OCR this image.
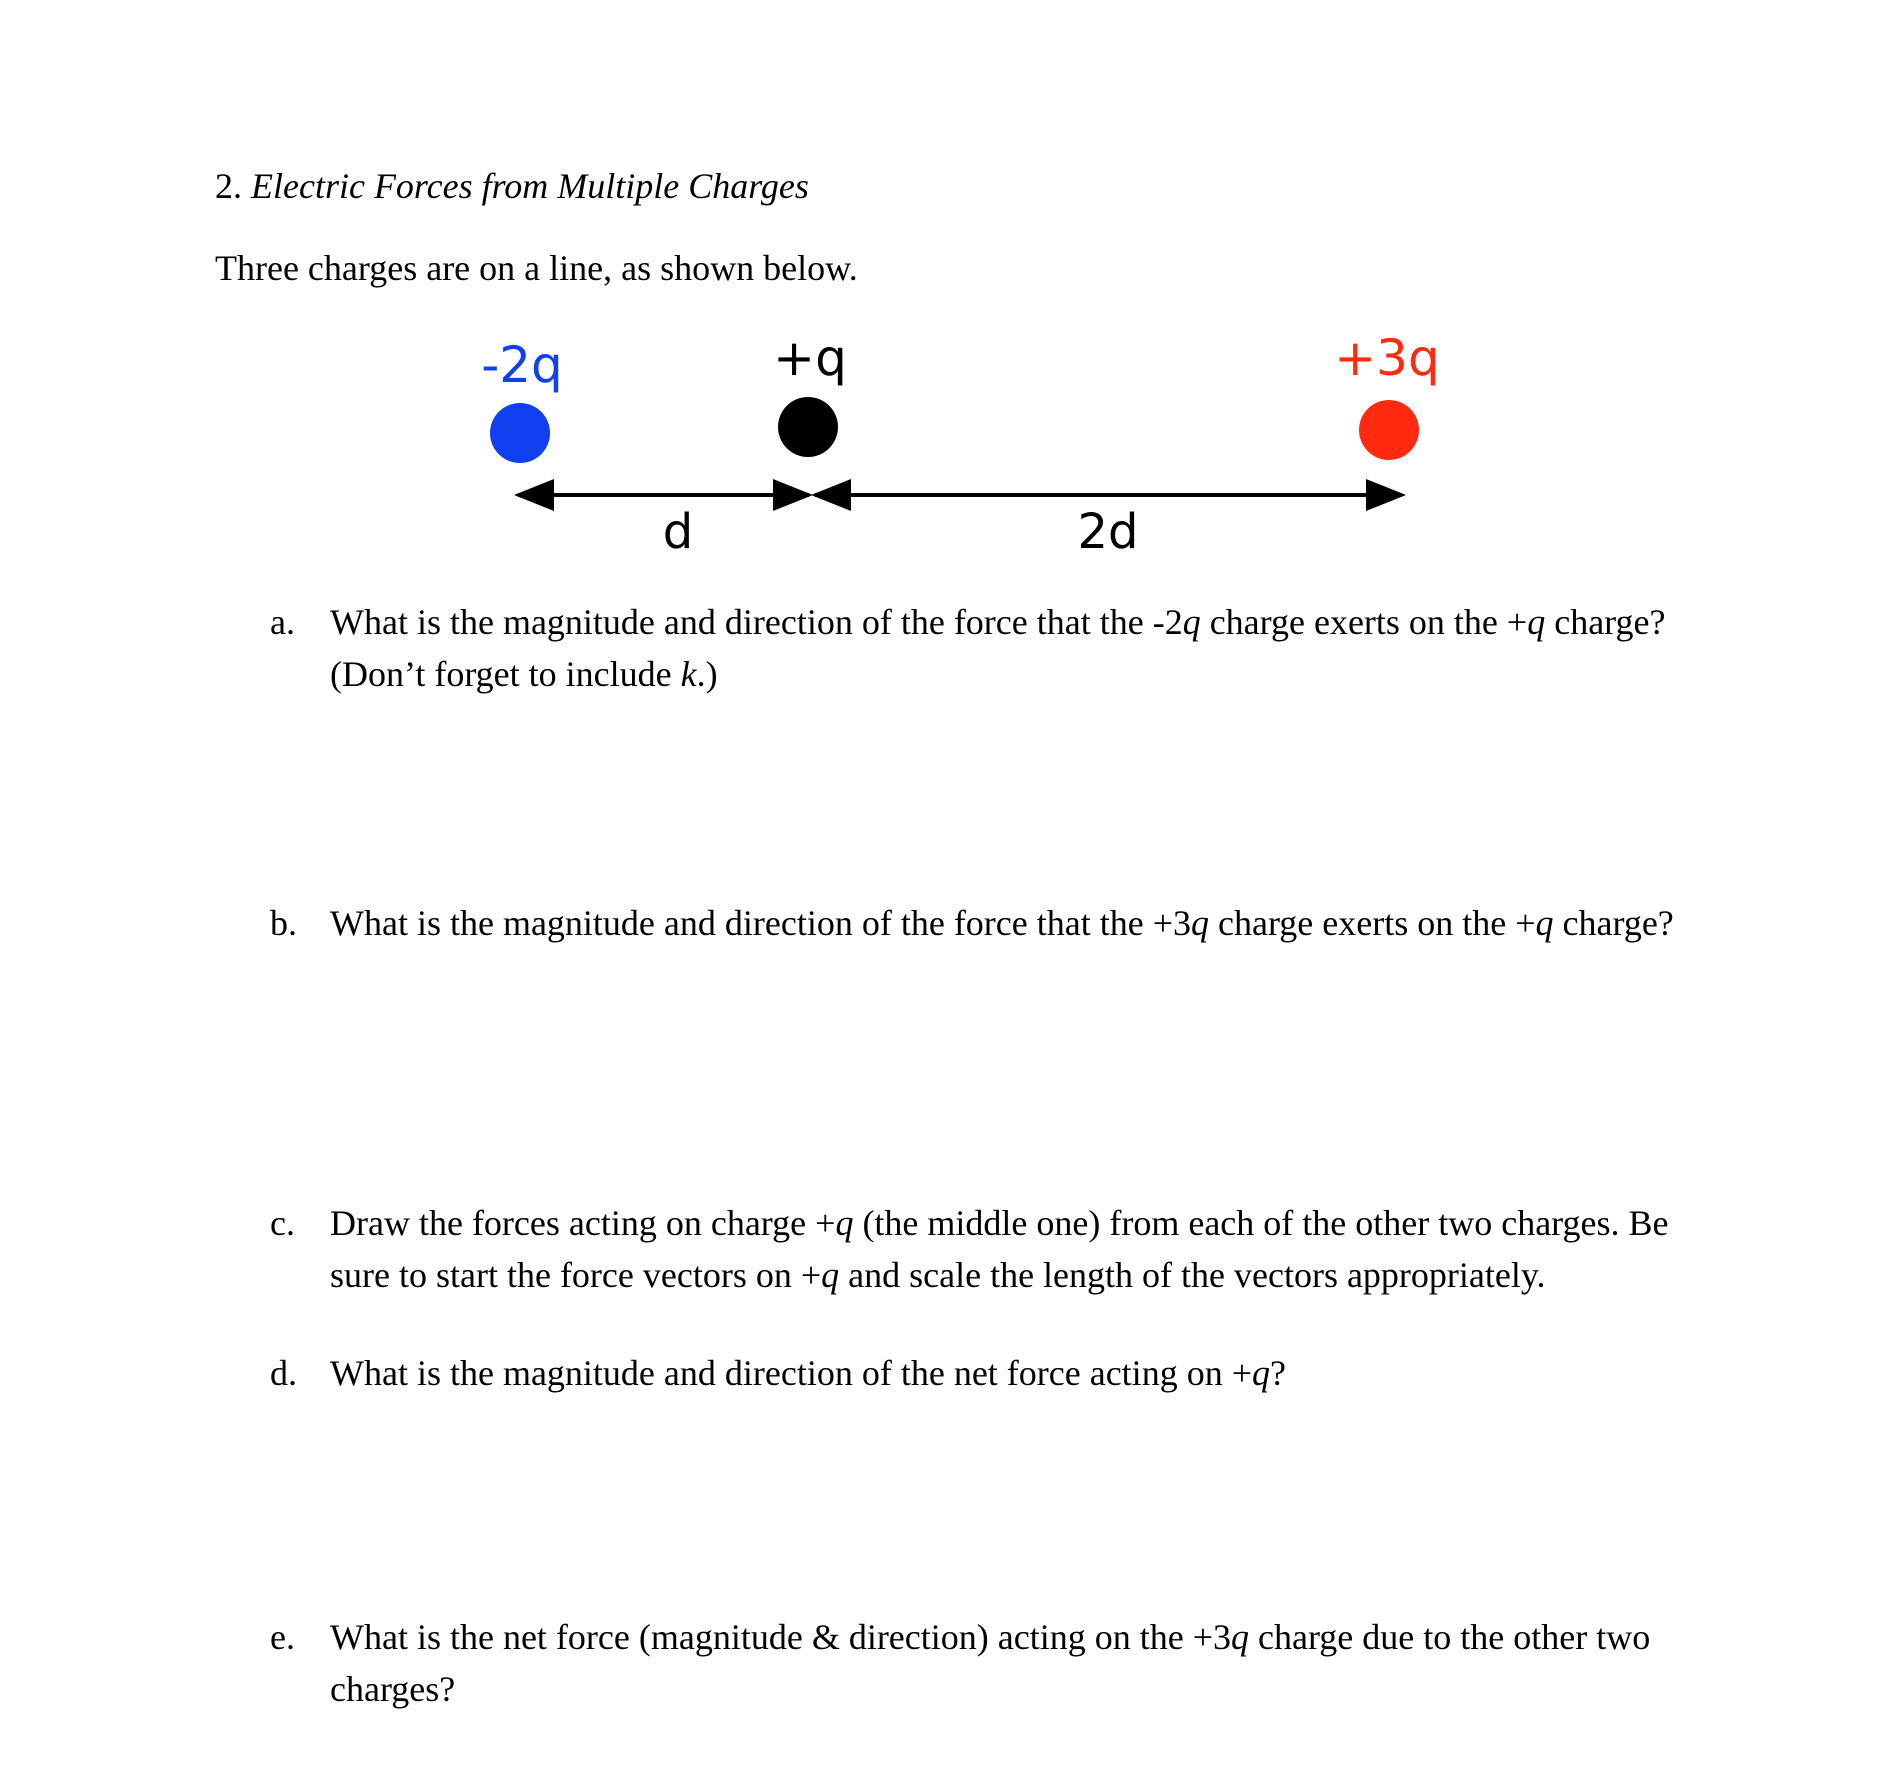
2. Electric Forces from Multiple Charges
Three charges are on a line, as shown below.
-2q	+q	+3q
d	2d
a. What is the magnitude and direction of the force that the -2q charge exerts on the +q charge? (Don’t forget to include k.)
b. What is the magnitude and direction of the force that the +3q charge exerts on the +q charge?
c. Draw the forces acting on charge +q (the middle one) from each of the other two charges. Be sure to start the force vectors on +q and scale the length of the vectors appropriately.
d. What is the magnitude and direction of the net force acting on +q?
e. What is the net force (magnitude & direction) acting on the +3q charge due to the other two charges?
